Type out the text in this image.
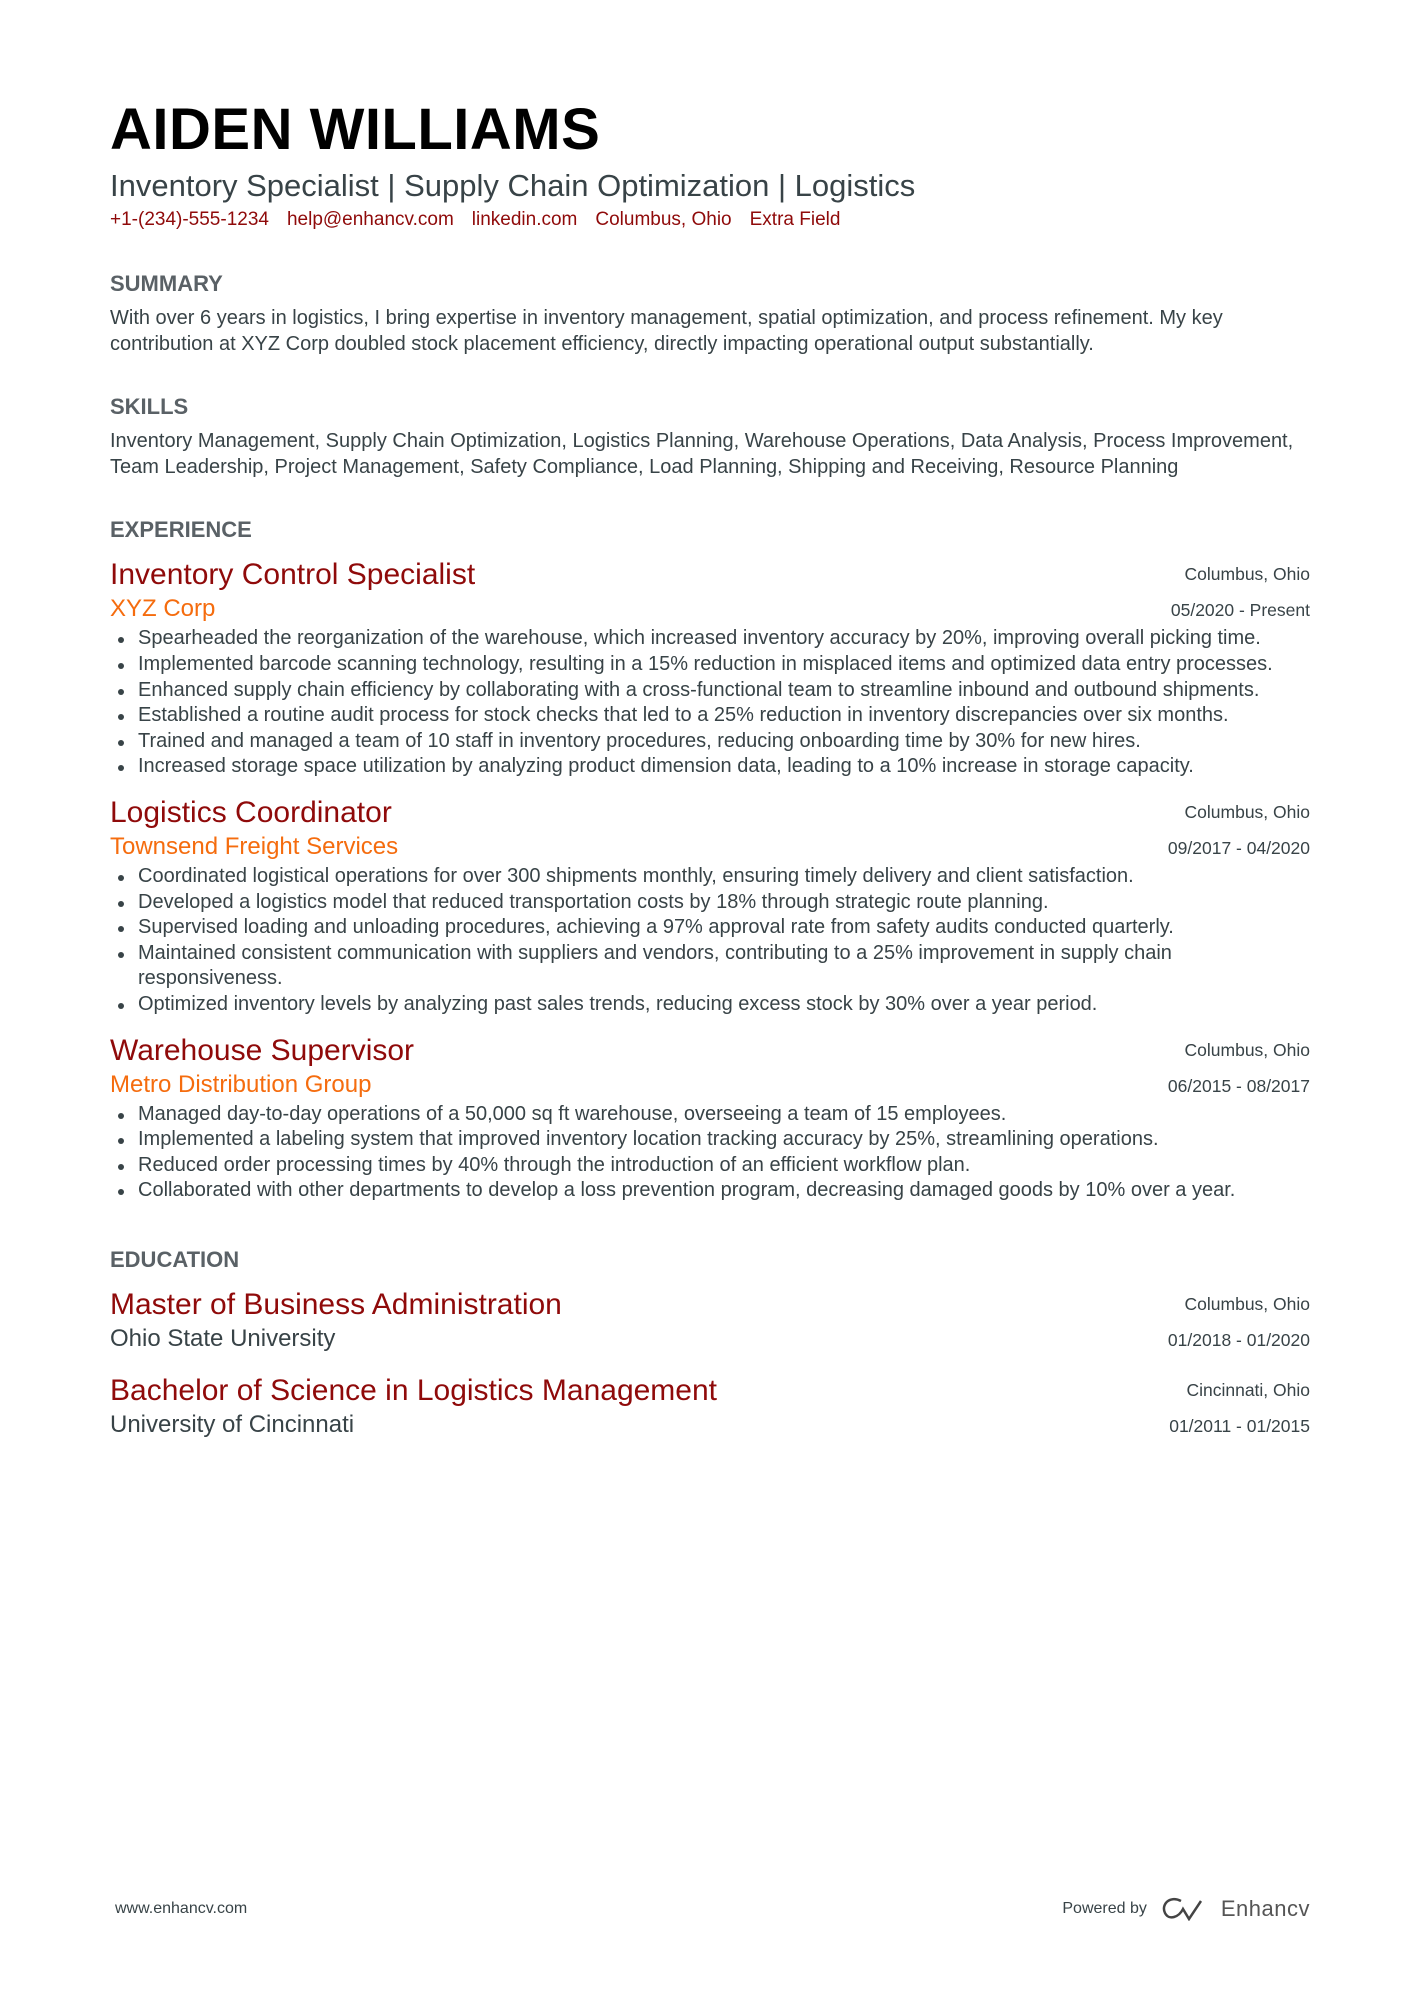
AIDEN WILLIAMS
Inventory Specialist | Supply Chain Optimization | Logistics
+1-(234)-555-1234 help@enhancv.com linkedin.com Columbus, Ohio Extra Field
SUMMARY
With over 6 years in logistics, I bring expertise in inventory management, spatial optimization, and process refinement. My key contribution at XYZ Corp doubled stock placement efficiency, directly impacting operational output substantially.
SKILLS
Inventory Management, Supply Chain Optimization, Logistics Planning, Warehouse Operations, Data Analysis, Process Improvement, Team Leadership, Project Management, Safety Compliance, Load Planning, Shipping and Receiving, Resource Planning
EXPERIENCE
Inventory Control Specialist
XYZ Corp
Columbus, Ohio
05/2020 - Present
Spearheaded the reorganization of the warehouse, which increased inventory accuracy by 20%, improving overall picking time.
Implemented barcode scanning technology, resulting in a 15% reduction in misplaced items and optimized data entry processes.
Enhanced supply chain efficiency by collaborating with a cross-functional team to streamline inbound and outbound shipments.
Established a routine audit process for stock checks that led to a 25% reduction in inventory discrepancies over six months.
Trained and managed a team of 10 staff in inventory procedures, reducing onboarding time by 30% for new hires.
Increased storage space utilization by analyzing product dimension data, leading to a 10% increase in storage capacity.
Logistics Coordinator
Townsend Freight Services
Columbus, Ohio
09/2017 - 04/2020
Coordinated logistical operations for over 300 shipments monthly, ensuring timely delivery and client satisfaction.
Developed a logistics model that reduced transportation costs by 18% through strategic route planning.
Supervised loading and unloading procedures, achieving a 97% approval rate from safety audits conducted quarterly.
Maintained consistent communication with suppliers and vendors, contributing to a 25% improvement in supply chain responsiveness.
Optimized inventory levels by analyzing past sales trends, reducing excess stock by 30% over a year period.
Warehouse Supervisor
Metro Distribution Group
Columbus, Ohio
06/2015 - 08/2017
Managed day-to-day operations of a 50,000 sq ft warehouse, overseeing a team of 15 employees.
Implemented a labeling system that improved inventory location tracking accuracy by 25%, streamlining operations.
Reduced order processing times by 40% through the introduction of an efficient workflow plan.
Collaborated with other departments to develop a loss prevention program, decreasing damaged goods by 10% over a year.
EDUCATION
Master of Business Administration
Ohio State University
Columbus, Ohio
01/2018 - 01/2020
Bachelor of Science in Logistics Management
University of Cincinnati
Cincinnati, Ohio
01/2011 - 01/2015
www.enhancv.com	Powered by	Enhancv
